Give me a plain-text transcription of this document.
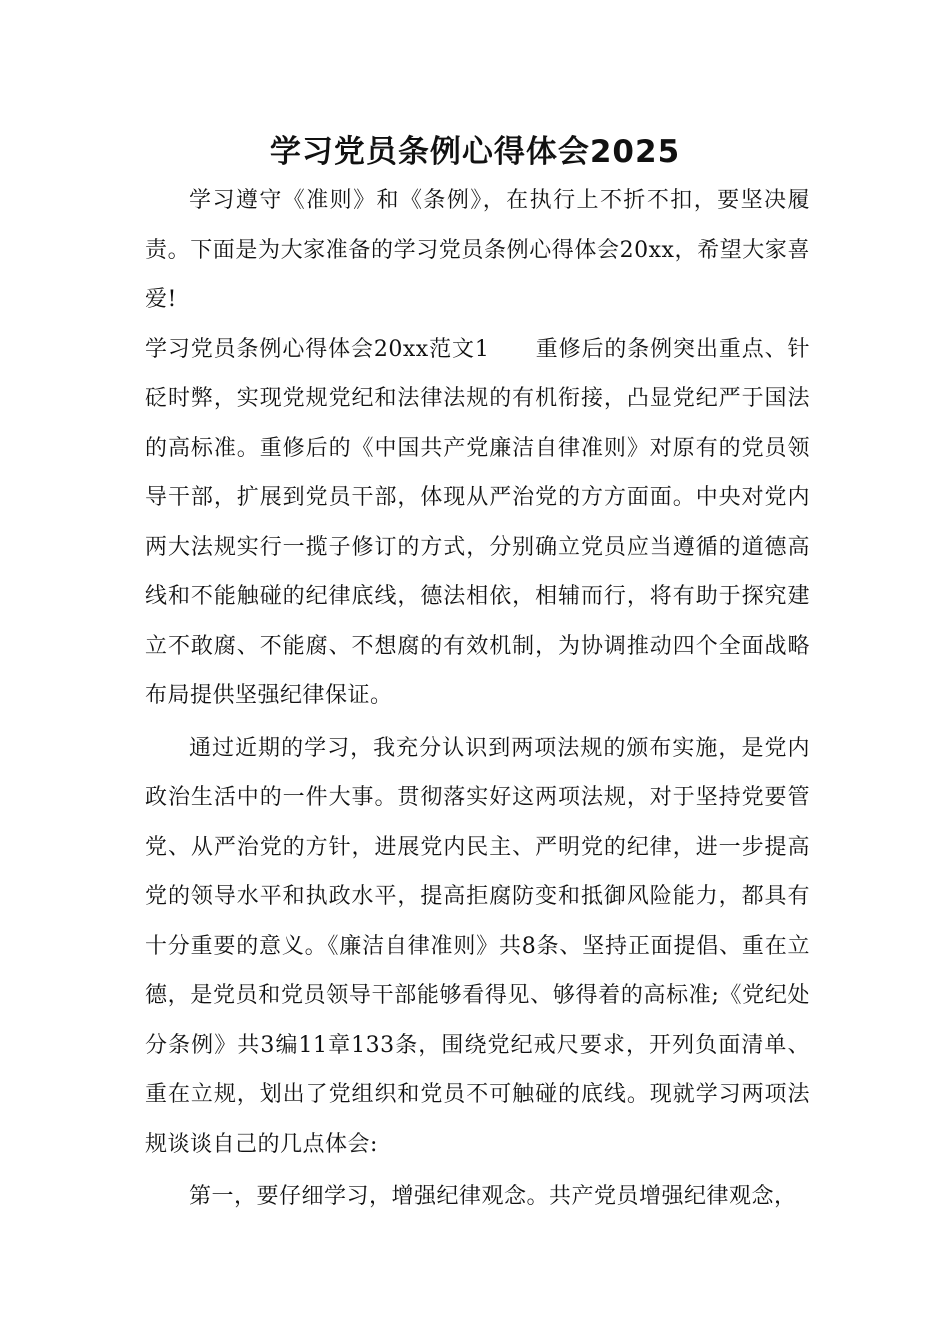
学习党员条例心得体会2025

学习遵守《准则》和《条例》，在执行上不折不扣，要坚决履责。下面是为大家准备的学习党员条例心得体会20xx，希望大家喜爱!

学习党员条例心得体会20xx范文1 重修后的条例突出重点、针砭时弊，实现党规党纪和法律法规的有机衔接，凸显党纪严于国法的高标准。重修后的《中国共产党廉洁自律准则》对原有的党员领导干部，扩展到党员干部，体现从严治党的方方面面。中央对党内两大法规实行一揽子修订的方式，分别确立党员应当遵循的道德高线和不能触碰的纪律底线，德法相依，相辅而行，将有助于探究建立不敢腐、不能腐、不想腐的有效机制，为协调推动四个全面战略布局提供坚强纪律保证。

通过近期的学习，我充分认识到两项法规的颁布实施，是党内政治生活中的一件大事。贯彻落实好这两项法规，对于坚持党要管党、从严治党的方针，进展党内民主、严明党的纪律，进一步提高党的领导水平和执政水平，提高拒腐防变和抵御风险能力，都具有十分重要的意义。《廉洁自律准则》共8条、坚持正面提倡、重在立德，是党员和党员领导干部能够看得见、够得着的高标准;《党纪处分条例》共3编11章133条，围绕党纪戒尺要求，开列负面清单、重在立规，划出了党组织和党员不可触碰的底线。现就学习两项法规谈谈自己的几点体会:

第一，要仔细学习，增强纪律观念。共产党员增强纪律观念，
